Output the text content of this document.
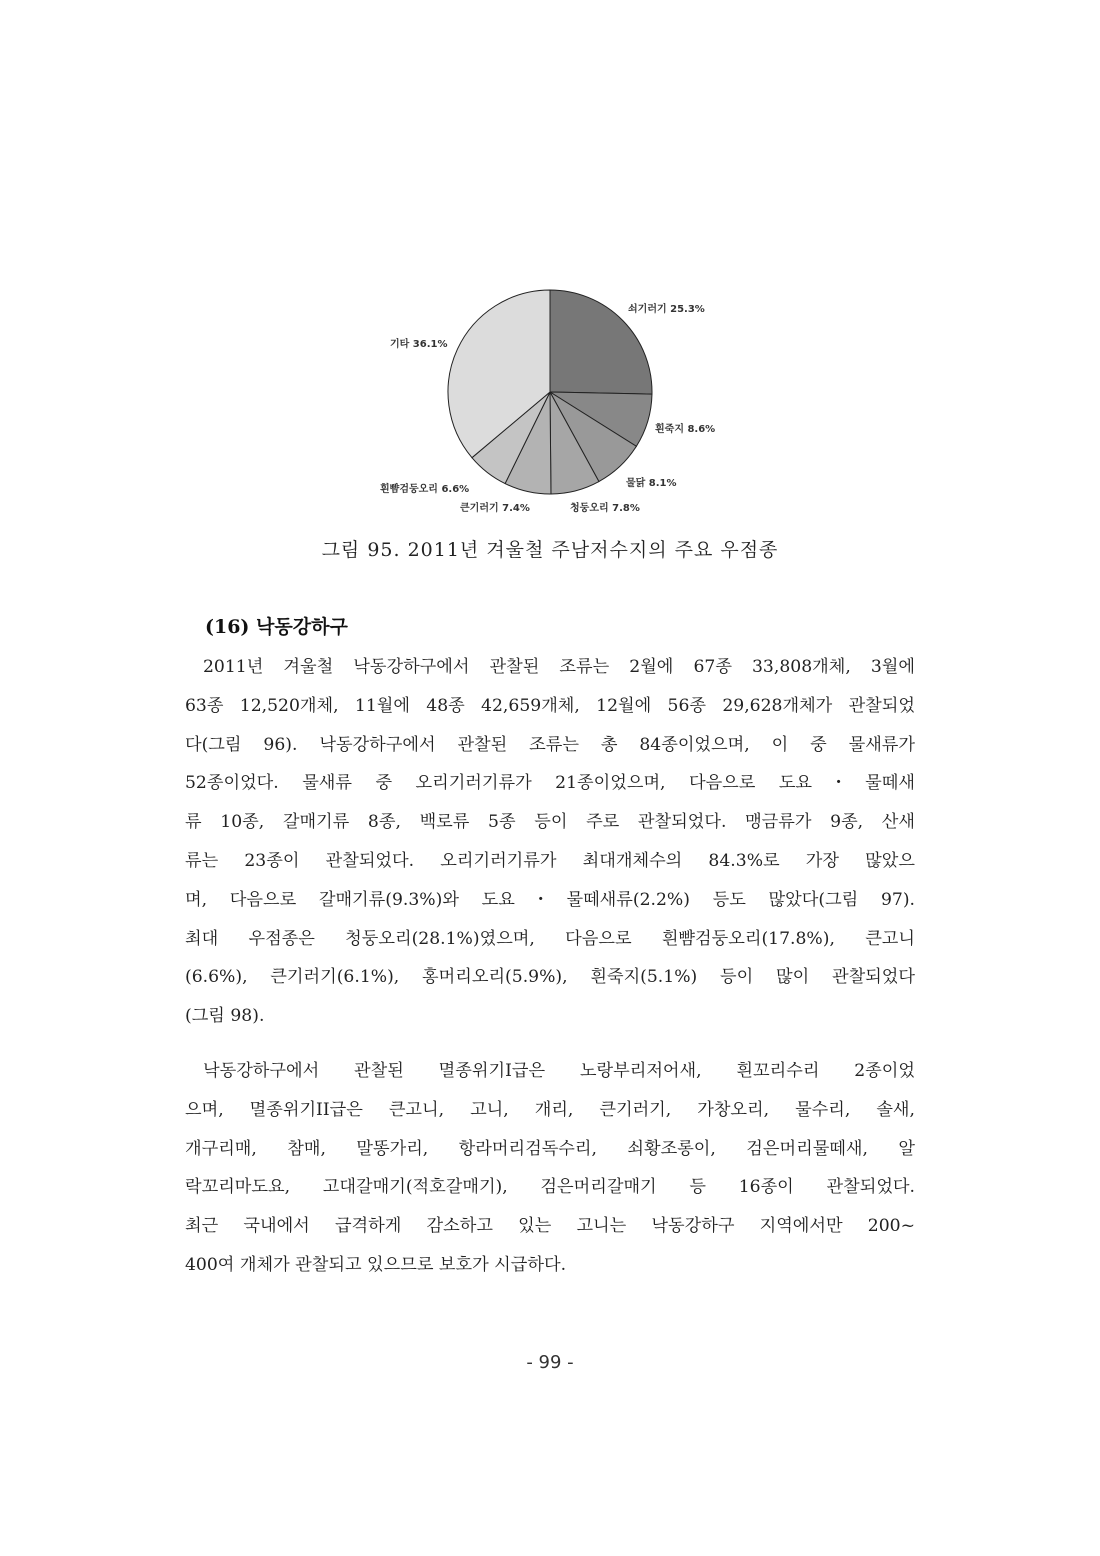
쇠기러기 25.3%
흰죽지 8.6%
물닭 8.1%
청둥오리 7.8%
큰기러기 7.4%
흰뺨검둥오리 6.6%
기타 36.1%
그림 95. 2011년 겨울철 주남저수지의 주요 우점종
(16) 낙동강하구
2011년 겨울철 낙동강하구에서 관찰된 조류는 2월에 67종 33,808개체, 3월에
63종 12,520개체, 11월에 48종 42,659개체, 12월에 56종 29,628개체가 관찰되었
다(그림 96). 낙동강하구에서 관찰된 조류는 총 84종이었으며, 이 중 물새류가
52종이었다. 물새류 중 오리기러기류가 21종이었으며, 다음으로 도요・물떼새
류 10종, 갈매기류 8종, 백로류 5종 등이 주로 관찰되었다. 맹금류가 9종, 산새
류는 23종이 관찰되었다. 오리기러기류가 최대개체수의 84.3%로 가장 많았으
며, 다음으로 갈매기류(9.3%)와 도요・물떼새류(2.2%) 등도 많았다(그림 97).
최대 우점종은 청둥오리(28.1%)였으며, 다음으로 흰뺨검둥오리(17.8%), 큰고니
(6.6%), 큰기러기(6.1%), 홍머리오리(5.9%), 흰죽지(5.1%) 등이 많이 관찰되었다
(그림 98).
낙동강하구에서 관찰된 멸종위기I급은 노랑부리저어새, 흰꼬리수리 2종이었
으며, 멸종위기II급은 큰고니, 고니, 개리, 큰기러기, 가창오리, 물수리, 솔새,
개구리매, 참매, 말똥가리, 항라머리검독수리, 쇠황조롱이, 검은머리물떼새, 알
락꼬리마도요, 고대갈매기(적호갈매기), 검은머리갈매기 등 16종이 관찰되었다.
최근 국내에서 급격하게 감소하고 있는 고니는 낙동강하구 지역에서만 200~
400여 개체가 관찰되고 있으므로 보호가 시급하다.
- 99 -
